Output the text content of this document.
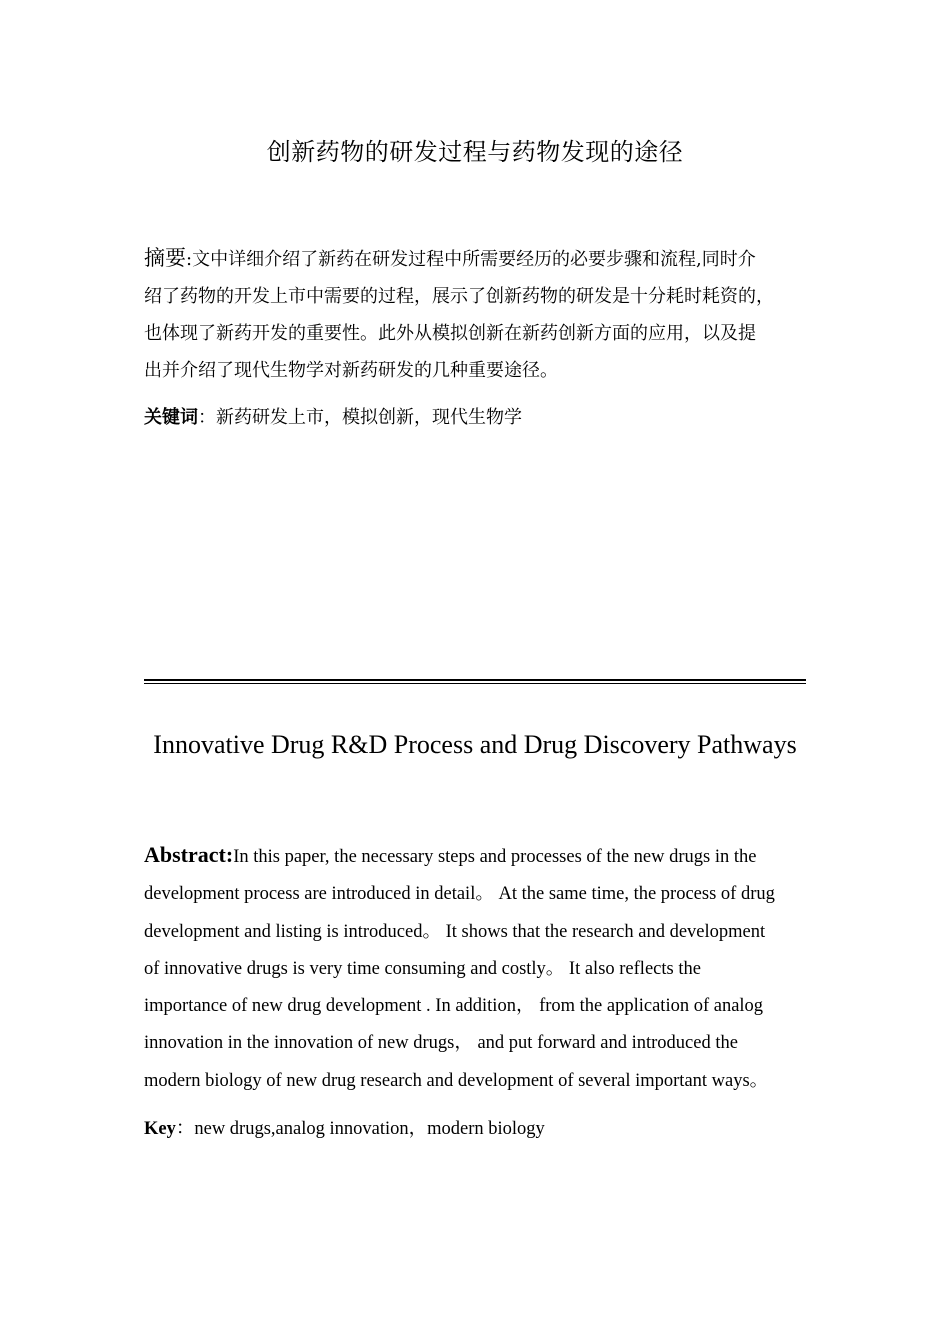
创新药物的研发过程与药物发现的途径
摘要:文中详细介绍了新药在研发过程中所需要经历的必要步骤和流程,同时介
绍了药物的开发上市中需要的过程，展示了创新药物的研发是十分耗时耗资的，
也体现了新药开发的重要性。此外从模拟创新在新药创新方面的应用，以及提
出并介绍了现代生物学对新药研发的几种重要途径。
关键词：新药研发上市，模拟创新，现代生物学
Innovative Drug R&D Process and Drug Discovery Pathways
Abstract:In this paper, the necessary steps and processes of the new drugs in the
development process are introduced in detail。 At the same time, the process of drug
development and listing is introduced。 It shows that the research and development
of innovative drugs is very time consuming and costly。 It also reflects the
importance of new drug development . In addition， from the application of analog
innovation in the innovation of new drugs， and put forward and introduced the
modern biology of new drug research and development of several important ways。
Key：new drugs,analog innovation，modern biology
